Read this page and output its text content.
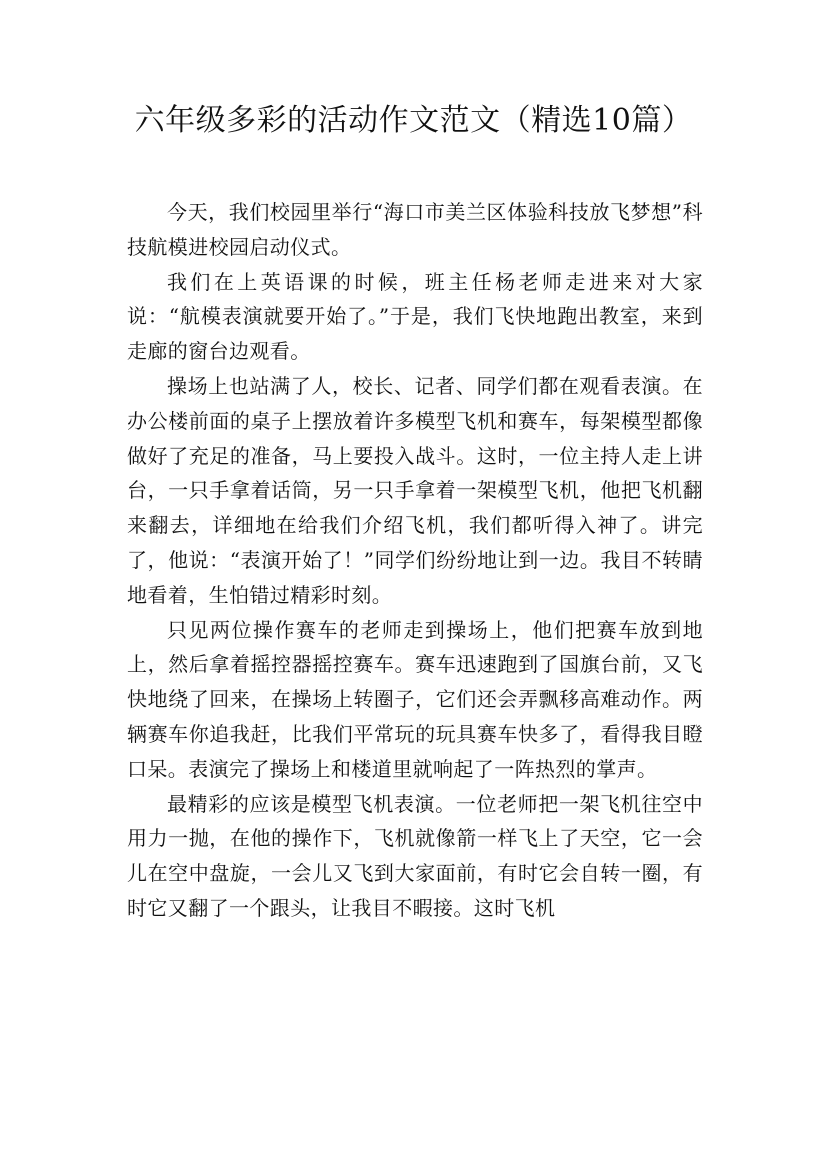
六年级多彩的活动作文范文（精选10篇）

今天，我们校园里举行“海口市美兰区体验科技放飞梦想”科技航模进校园启动仪式。

我们在上英语课的时候，班主任杨老师走进来对大家说：“航模表演就要开始了。”于是，我们飞快地跑出教室，来到走廊的窗台边观看。

操场上也站满了人，校长、记者、同学们都在观看表演。在办公楼前面的桌子上摆放着许多模型飞机和赛车，每架模型都像做好了充足的准备，马上要投入战斗。这时，一位主持人走上讲台，一只手拿着话筒，另一只手拿着一架模型飞机，他把飞机翻来翻去，详细地在给我们介绍飞机，我们都听得入神了。讲完了，他说：“表演开始了！”同学们纷纷地让到一边。我目不转睛地看着，生怕错过精彩时刻。

只见两位操作赛车的老师走到操场上，他们把赛车放到地上，然后拿着摇控器摇控赛车。赛车迅速跑到了国旗台前，又飞快地绕了回来，在操场上转圈子，它们还会弄飘移高难动作。两辆赛车你追我赶，比我们平常玩的玩具赛车快多了，看得我目瞪口呆。表演完了操场上和楼道里就响起了一阵热烈的掌声。

最精彩的应该是模型飞机表演。一位老师把一架飞机往空中用力一抛，在他的操作下，飞机就像箭一样飞上了天空，它一会儿在空中盘旋，一会儿又飞到大家面前，有时它会自转一圈，有时它又翻了一个跟头，让我目不暇接。这时飞机
